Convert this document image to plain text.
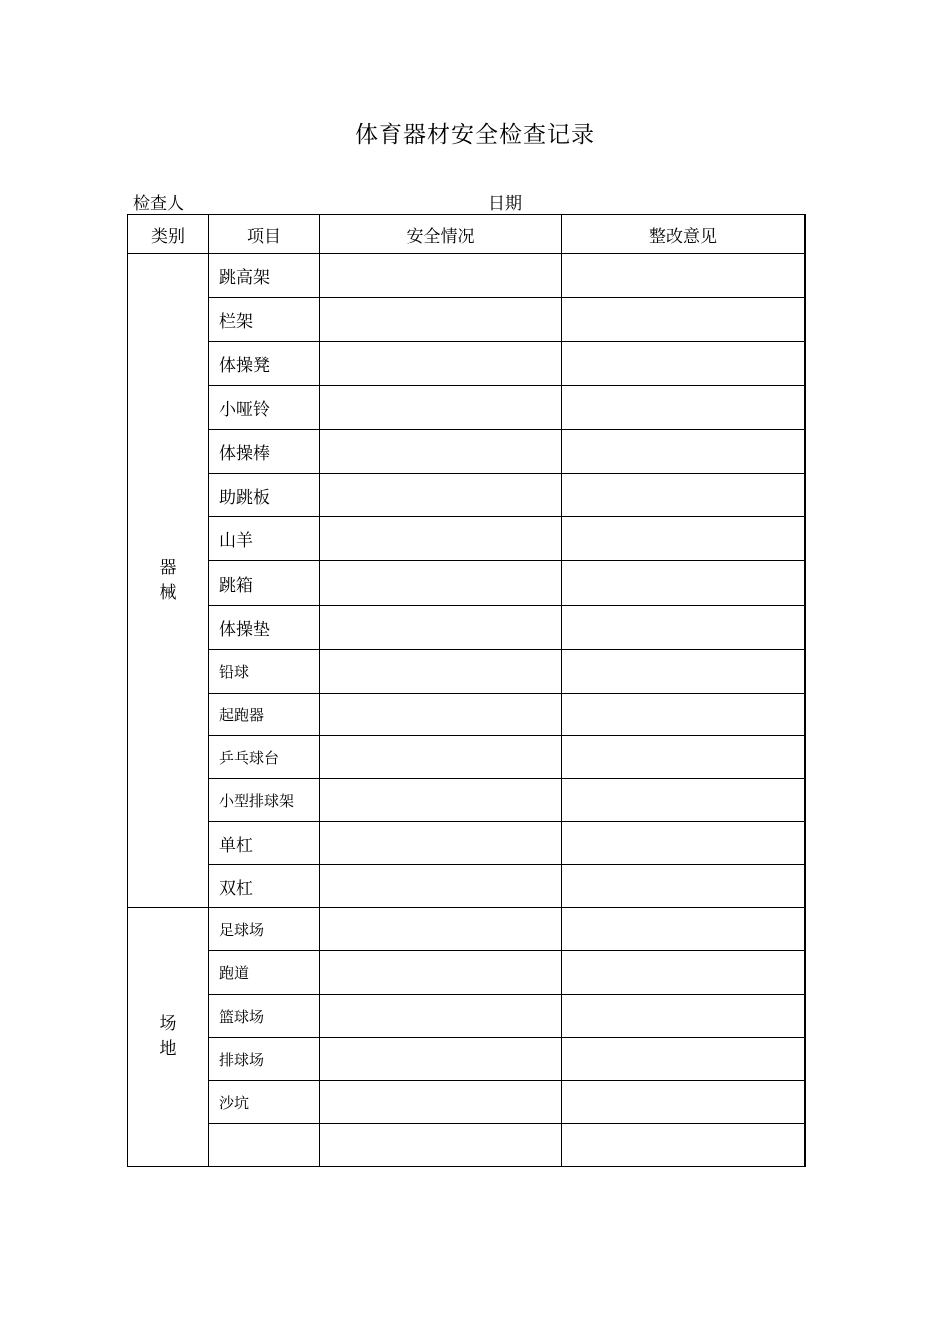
体育器材安全检查记录
检查人	日期
类别	项目	安全情况	整改意见

器
械	跳高架		
	栏架		
	体操凳		
	小哑铃		
	体操棒		
	助跳板		
	山羊		
	跳箱		
	体操垫		
	铅球		
	起跑器		
	乒乓球台		
	小型排球架		
	单杠		
	双杠		

场
地	足球场		
	跑道		
	篮球场		
	排球场		
	沙坑		
